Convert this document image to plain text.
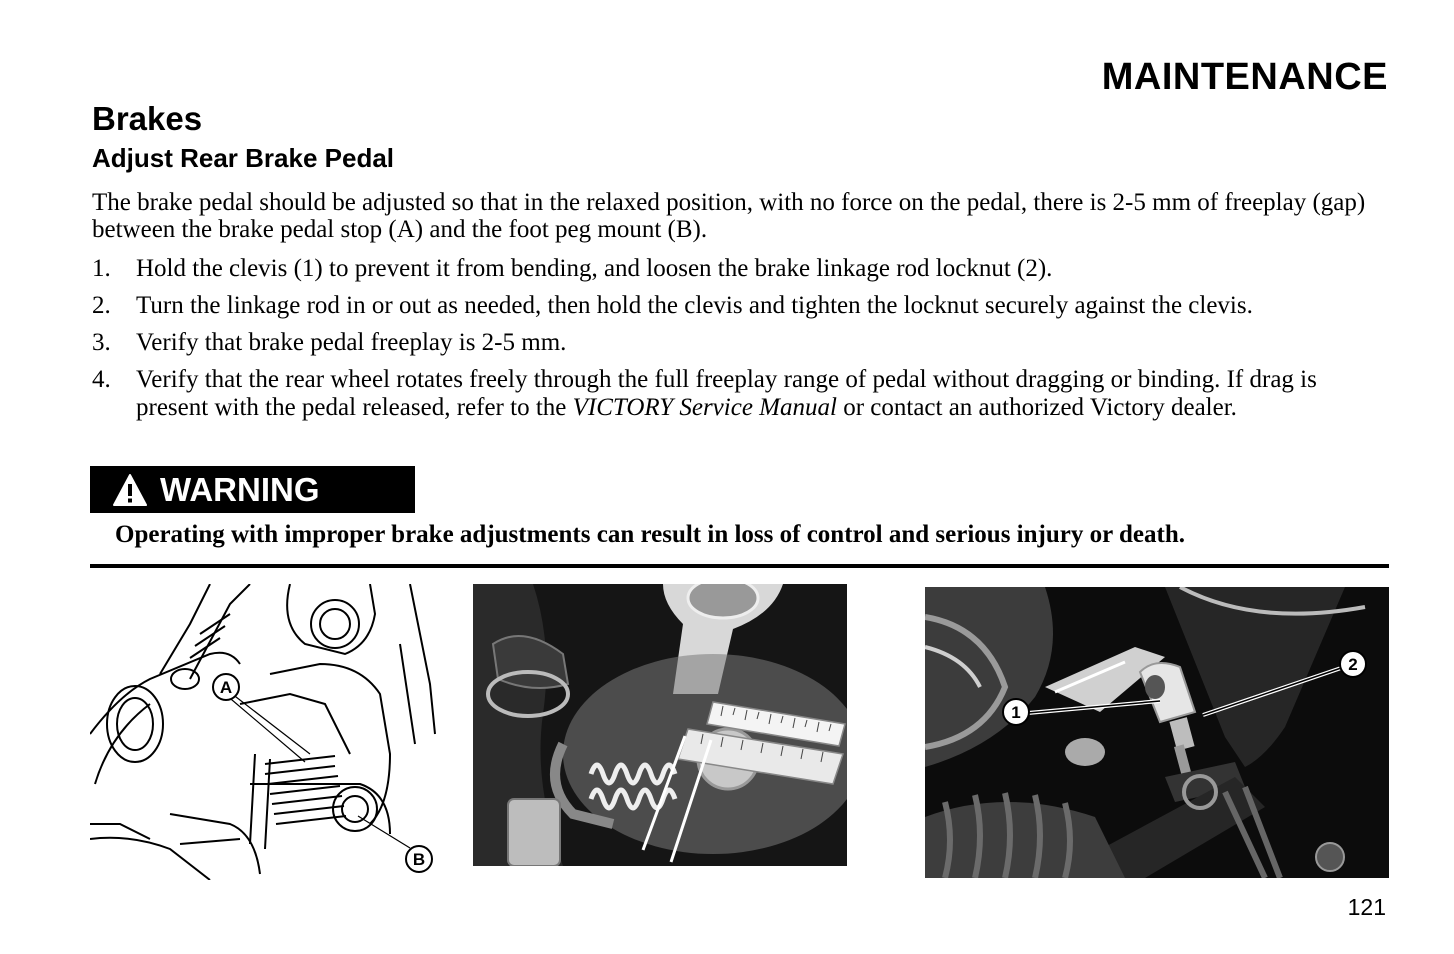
MAINTENANCE
Brakes
Adjust Rear Brake Pedal

The brake pedal should be adjusted so that in the relaxed position, with no force on the pedal, there is 2-5 mm of freeplay (gap) between the brake pedal stop (A) and the foot peg mount (B).

1. Hold the clevis (1) to prevent it from bending, and loosen the brake linkage rod locknut (2).
2. Turn the linkage rod in or out as needed, then hold the clevis and tighten the locknut securely against the clevis.
3. Verify that brake pedal freeplay is 2-5 mm.
4. Verify that the rear wheel rotates freely through the full freeplay range of pedal without dragging or binding. If drag is present with the pedal released, refer to the VICTORY Service Manual or contact an authorized Victory dealer.
WARNING

Operating with improper brake adjustments can result in loss of control and serious injury or death.

A
B
2
1
121
